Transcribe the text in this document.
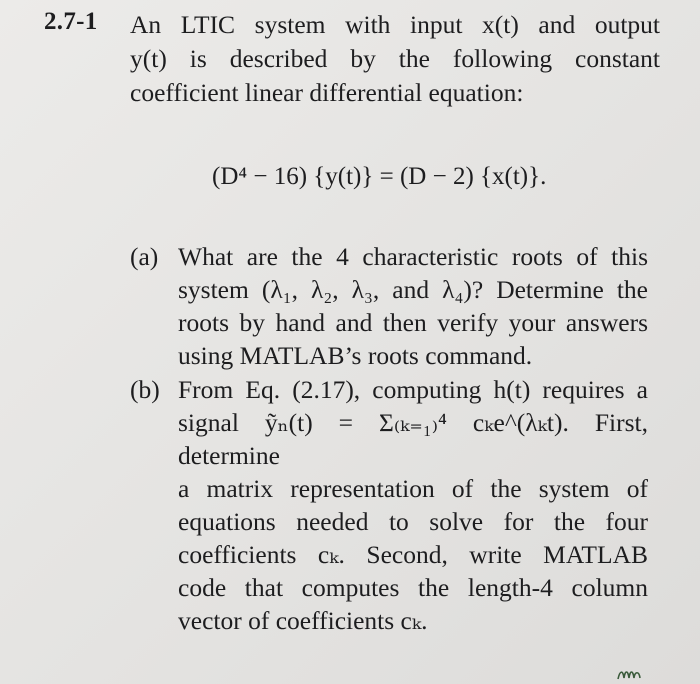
2.7-1 An LTIC system with input x(t) and output
y(t) is described by the following constant
coefficient linear differential equation:
(D⁴ − 16) {y(t)} = (D − 2) {x(t)}.
(a) What are the 4 characteristic roots of this
system (λ₁, λ₂, λ₃, and λ₄)? Determine the
roots by hand and then verify your answers
using MATLAB’s roots command.
(b) From Eq. (2.17), computing h(t) requires a
signal ỹₙ(t) = Σ₍ₖ₌₁₎⁴ cₖe^(λₖt). First, determine
a matrix representation of the system of
equations needed to solve for the four
coefficients cₖ. Second, write MATLAB
code that computes the length-4 column
vector of coefficients cₖ.
